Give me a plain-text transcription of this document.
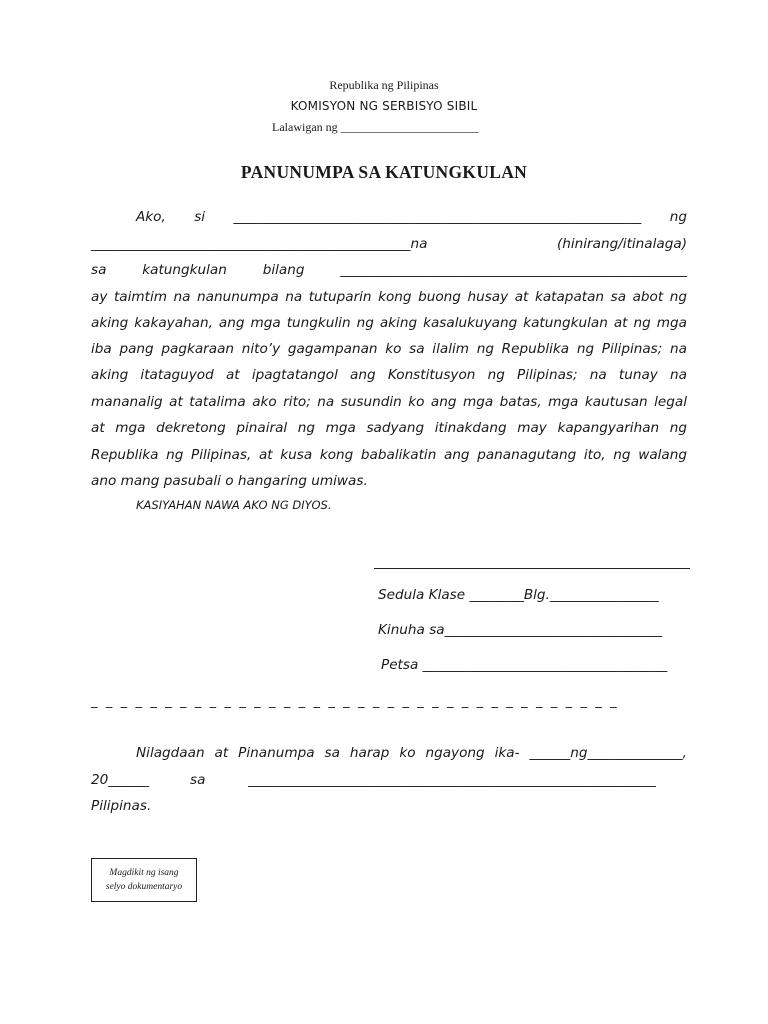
Republika ng Pilipinas
KOMISYON NG SERBISYO SIBIL
Lalawigan ng _______________________
PANUNUMPA SA KATUNGKULAN
Ako, si ____________________________________________________________ ng
_______________________________________________na (hinirang/itinalaga)
sa katungkulan bilang ___________________________________________________
ay taimtim na nanunumpa na tutuparin kong buong husay at katapatan sa abot ng
aking kakayahan, ang mga tungkulin ng aking kasalukuyang katungkulan at ng mga
iba pang pagkaraan nito’y gagampanan ko sa ilalim ng Republika ng Pilipinas; na
aking itataguyod at ipagtatangol ang Konstitusyon ng Pilipinas; na tunay na
mananalig at tatalima ako rito; na susundin ko ang mga batas, mga kautusan legal
at mga dekretong pinairal ng mga sadyang itinakdang may kapangyarihan ng
Republika ng Pilipinas, at kusa kong babalikatin ang pananagutang ito, ng walang
ano mang pasubali o hangaring umiwas.
KASIYAHAN NAWA AKO NG DIYOS.
Sedula Klase ________Blg.________________
Kinuha sa________________________________
Petsa ____________________________________
_ _ _ _ _ _ _ _ _ _ _ _ _ _ _ _ _ _ _ _ _ _ _ _ _ _ _ _ _ _ _ _ _ _ _ _
Nilagdaan at Pinanumpa sa harap ko ngayong ika- ______ng______________,
20______	sa	____________________________________________________________
Pilipinas.
Magdikit ng isang
selyo dokumentaryo
